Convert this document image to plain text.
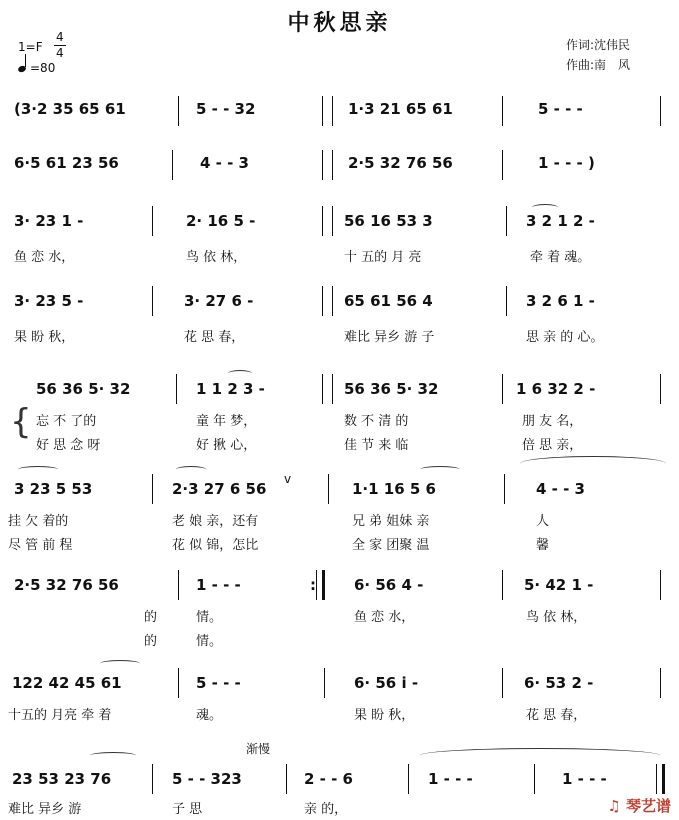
中秋思亲
1=F
4
4
=80
作词:沈伟民
作曲:南　风
(3·2 35 65 61	5 - - 32	1·3 21 65 61	5 - - -
6·5 61 23 56	4 - - 3	2·5 32 76 56	1 - - - )
3· 23 1 -	2· 16 5 -	56 16 53 3	3 2 1 2 -
鱼 恋 水，	鸟 依 林，	十 五的 月 亮	牵 着 魂。
3· 23 5 -	3· 27 6 -	65 61 56 4	3 2 6 1 -
果 盼 秋，	花 思 春，	难比 异乡 游 子	思 亲 的 心。
56 36 5· 32	1 1 2 3 -	56 36 5· 32	1 6 32 2 -
{ 忘 不 了的	童 年 梦，	数 不 清 的	朋 友 名，
好 思 念 呀	好 揪 心，	佳 节 来 临	倍 思 亲，
3 23 5 53	2·3 27 6 56	1·1 16 5 6	4 - - 3
v
挂 欠 着的	老 娘 亲，还有	兄 弟 姐妹 亲	人
尽 管 前 程	花 似 锦，怎比	全 家 团聚 温	馨
2·5 32 76 56	1 - - -	6· 56 4 -	5· 42 1 -
:
的	情。	鱼 恋 水，	鸟 依 林，
的	情。
122 42 45 61	5 - - -	6· 56 i -	6· 53 2 -
十五的 月亮 牵 着	魂。	果 盼 秋，	花 思 春，
渐慢
23 53 23 76	5 - - 323	2 - - 6	1 - - -	1 - - -
难比 异乡 游	子 思	亲 的，	♫ 琴艺谱
